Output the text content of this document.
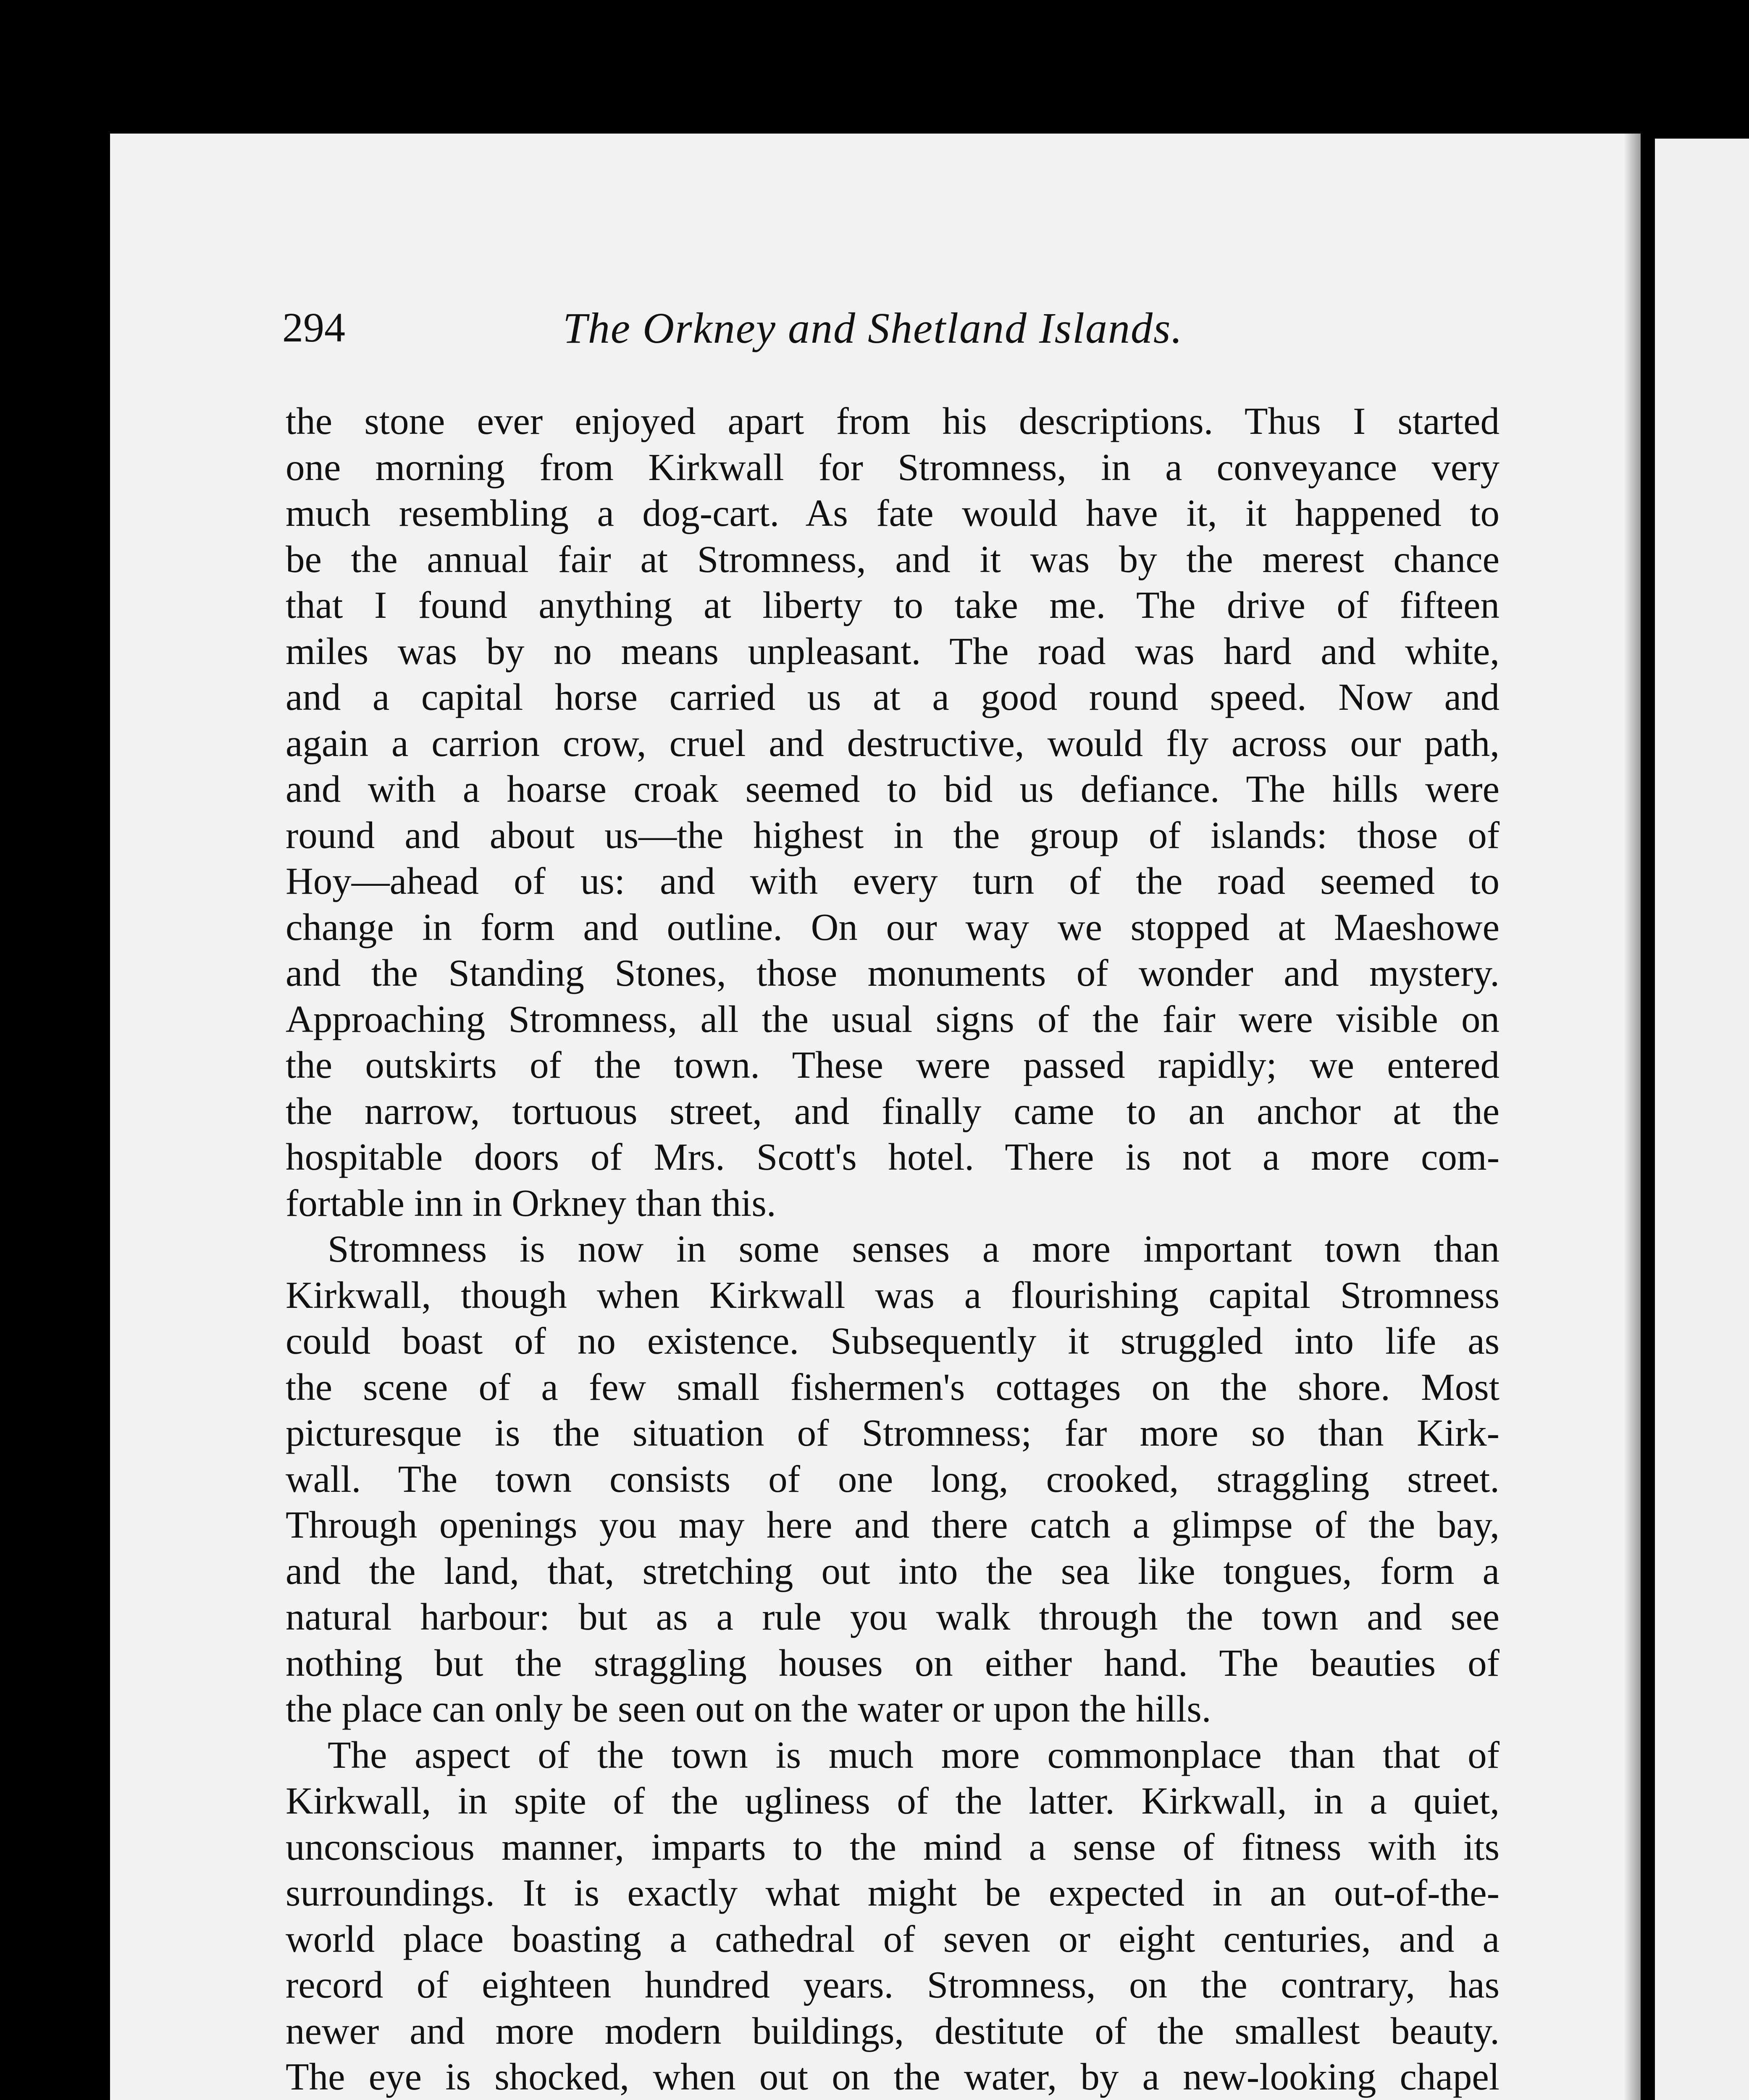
294	The Orkney and Shetland Islands.
the stone ever enjoyed apart from his descriptions. Thus I started
one morning from Kirkwall for Stromness, in a conveyance very
much resembling a dog-cart. As fate would have it, it happened to
be the annual fair at Stromness, and it was by the merest chance
that I found anything at liberty to take me. The drive of fifteen
miles was by no means unpleasant. The road was hard and white,
and a capital horse carried us at a good round speed. Now and
again a carrion crow, cruel and destructive, would fly across our path,
and with a hoarse croak seemed to bid us defiance. The hills were
round and about us—the highest in the group of islands: those of
Hoy—ahead of us: and with every turn of the road seemed to
change in form and outline. On our way we stopped at Maeshowe
and the Standing Stones, those monuments of wonder and mystery.
Approaching Stromness, all the usual signs of the fair were visible on
the outskirts of the town. These were passed rapidly; we entered
the narrow, tortuous street, and finally came to an anchor at the
hospitable doors of Mrs. Scott's hotel. There is not a more com-
fortable inn in Orkney than this.
Stromness is now in some senses a more important town than
Kirkwall, though when Kirkwall was a flourishing capital Stromness
could boast of no existence. Subsequently it struggled into life as
the scene of a few small fishermen's cottages on the shore. Most
picturesque is the situation of Stromness; far more so than Kirk-
wall. The town consists of one long, crooked, straggling street.
Through openings you may here and there catch a glimpse of the bay,
and the land, that, stretching out into the sea like tongues, form a
natural harbour: but as a rule you walk through the town and see
nothing but the straggling houses on either hand. The beauties of
the place can only be seen out on the water or upon the hills.
The aspect of the town is much more commonplace than that of
Kirkwall, in spite of the ugliness of the latter. Kirkwall, in a quiet,
unconscious manner, imparts to the mind a sense of fitness with its
surroundings. It is exactly what might be expected in an out-of-the-
world place boasting a cathedral of seven or eight centuries, and a
record of eighteen hundred years. Stromness, on the contrary, has
newer and more modern buildings, destitute of the smallest beauty.
The eye is shocked, when out on the water, by a new-looking chapel
